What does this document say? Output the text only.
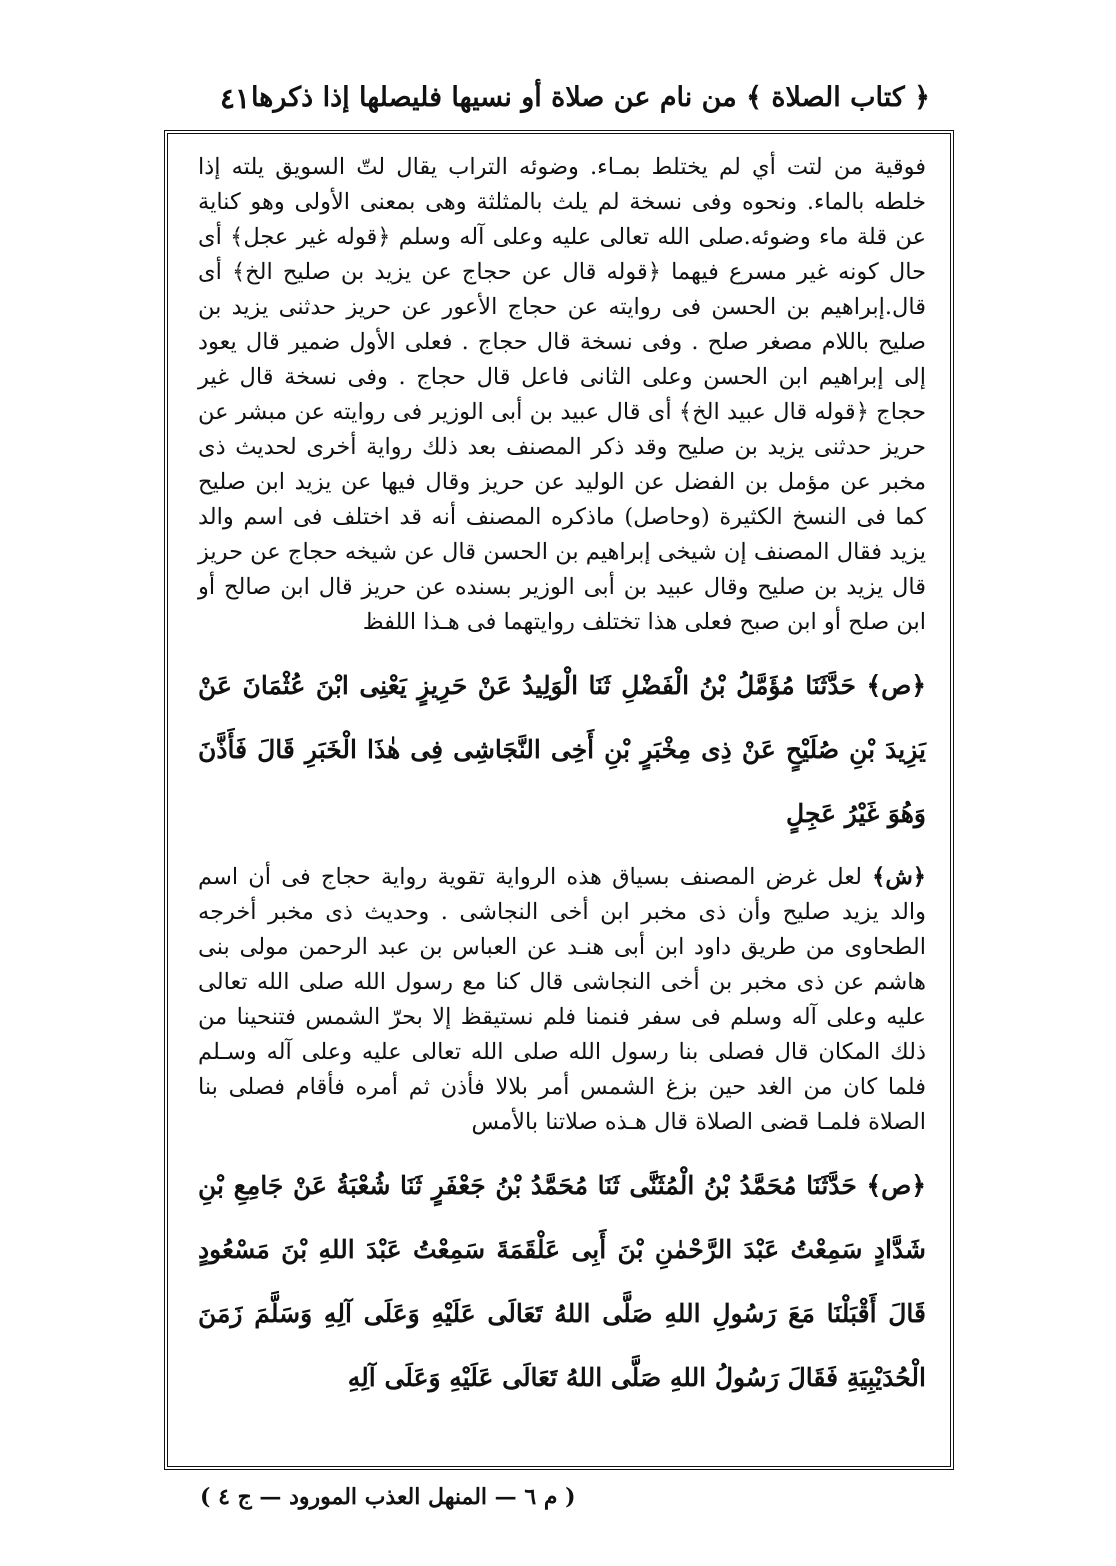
﴿ كتاب الصلاة ﴾ من نام عن صلاة أو نسيها فليصلها إذا ذكرها
٤١

فوقية من لتت أي لم يختلط بمـاء. وضوئه التراب يقال لتّ السويق يلته إذا خلطه بالماء. ونحوه وفى نسخة لم يلث بالمثلثة وهى بمعنى الأولى وهو كناية عن قلة ماء وضوئه.صلى الله تعالى عليه وعلى آله وسلم ﴿قوله غير عجل﴾ أى حال كونه غير مسرع فيهما ﴿قوله قال عن حجاج عن يزيد بن صليح الخ﴾ أى قال.إبراهيم بن الحسن فى روايته عن حجاج الأعور عن حريز حدثنى يزيد بن صليح باللام مصغر صلح . وفى نسخة قال حجاج . فعلى الأول ضمير قال يعود إلى إبراهيم ابن الحسن وعلى الثانى فاعل قال حجاج . وفى نسخة قال غير حجاج ﴿قوله قال عبيد الخ﴾ أى قال عبيد بن أبى الوزير فى روايته عن مبشر عن حريز حدثنى يزيد بن صليح وقد ذكر المصنف بعد ذلك رواية أخرى لحديث ذى مخبر عن مؤمل بن الفضل عن الوليد عن حريز وقال فيها عن يزيد ابن صليح كما فى النسخ الكثيرة (وحاصل) ماذكره المصنف أنه قد اختلف فى اسم والد يزيد فقال المصنف إن شيخى إبراهيم بن الحسن قال عن شيخه حجاج عن حريز قال يزيد بن صليح وقال عبيد بن أبى الوزير بسنده عن حريز قال ابن صالح أو ابن صلح أو ابن صبح فعلى هذا تختلف روايتهما فى هـذا اللفظ

﴿ص﴾ حَدَّثَنَا مُؤَمَّلُ بْنُ الْفَضْلِ ثَنَا الْوَلِيدُ عَنْ حَرِيزٍ يَعْنِى ابْنَ عُثْمَانَ عَنْ يَزِيدَ بْنِ صُلَيْحٍ عَنْ ذِى مِخْبَرٍ بْنِ أَخِى النَّجَاشِى فِى هٰذَا الْخَبَرِ قَالَ فَأَذَّنَ وَهُوَ غَيْرُ عَجِلٍ

﴿ش﴾ لعل غرض المصنف بسياق هذه الرواية تقوية رواية حجاج فى أن اسم والد يزيد صليح وأن ذى مخبر ابن أخى النجاشى . وحديث ذى مخبر أخرجه الطحاوى من طريق داود ابن أبى هنـد عن العباس بن عبد الرحمن مولى بنى هاشم عن ذى مخبر بن أخى النجاشى قال كنا مع رسول الله صلى الله تعالى عليه وعلى آله وسلم فى سفر فنمنا فلم نستيقظ إلا بحرّ الشمس فتنحينا من ذلك المكان قال فصلى بنا رسول الله صلى الله تعالى عليه وعلى آله وسـلم فلما كان من الغد حين بزغ الشمس أمر بلالا فأذن ثم أمره فأقام فصلى بنا الصلاة فلمـا قضى الصلاة قال هـذه صلاتنا بالأمس

﴿ص﴾ حَدَّثَنَا مُحَمَّدُ بْنُ الْمُثَنَّى ثَنَا مُحَمَّدُ بْنُ جَعْفَرٍ ثَنَا شُعْبَةُ عَنْ جَامِعِ بْنِ شَدَّادٍ سَمِعْتُ عَبْدَ الرَّحْمٰنِ بْنَ أَبِى عَلْقَمَةَ سَمِعْتُ عَبْدَ اللهِ بْنَ مَسْعُودٍ قَالَ أَقْبَلْنَا مَعَ رَسُولِ اللهِ صَلَّى اللهُ تَعَالَى عَلَيْهِ وَعَلَى آلِهِ وَسَلَّمَ زَمَنَ الْحُدَيْبِيَةِ فَقَالَ رَسُولُ اللهِ صَلَّى اللهُ تَعَالَى عَلَيْهِ وَعَلَى آلِهِ

( م ٦ — المنهل العذب المورود — ج ٤ )
